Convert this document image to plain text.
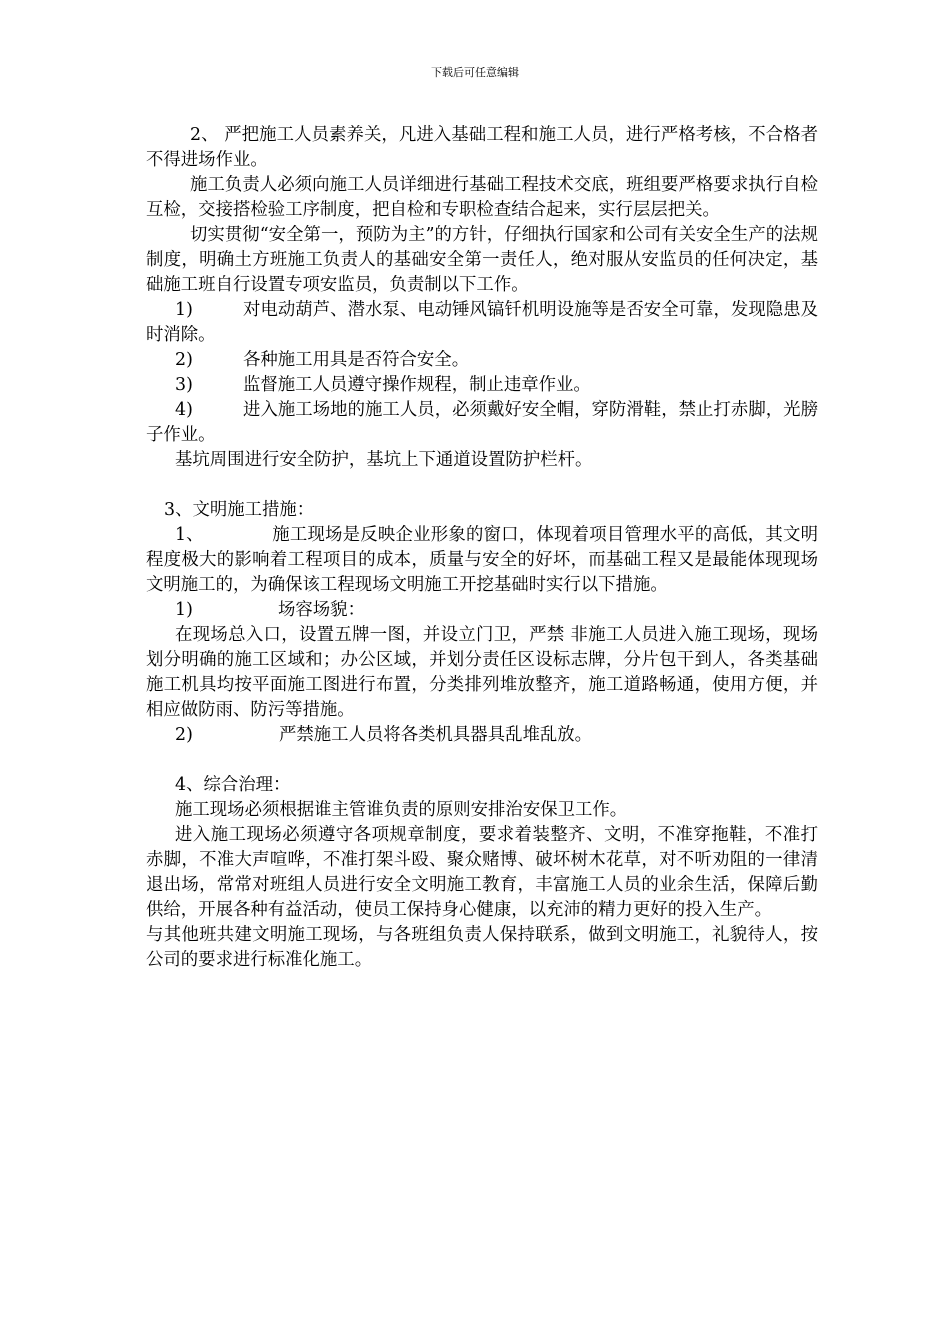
下载后可任意编辑

2、 严把施工人员素养关，凡进入基础工程和施工人员，进行严格考核，不合格者不得进场作业。

施工负责人必须向施工人员详细进行基础工程技术交底，班组要严格要求执行自检互检，交接搭检验工序制度，把自检和专职检查结合起来，实行层层把关。

切实贯彻“安全第一，预防为主”的方针，仔细执行国家和公司有关安全生产的法规制度，明确土方班施工负责人的基础安全第一责任人，绝对服从安监员的任何决定，基础施工班自行设置专项安监员，负责制以下工作。

1)	对电动葫芦、潜水泵、电动锤风镐钎机明设施等是否安全可靠，发现隐患及时消除。

2)	各种施工用具是否符合安全。

3)	监督施工人员遵守操作规程，制止违章作业。

4)	进入施工场地的施工人员，必须戴好安全帽，穿防滑鞋，禁止打赤脚，光膀子作业。

基坑周围进行安全防护，基坑上下通道设置防护栏杆。

3、文明施工措施：

1、	施工现场是反映企业形象的窗口，体现着项目管理水平的高低，其文明程度极大的影响着工程项目的成本，质量与安全的好坏，而基础工程又是最能体现现场文明施工的，为确保该工程现场文明施工开挖基础时实行以下措施。

1)	场容场貌：

在现场总入口，设置五牌一图，并设立门卫，严禁 非施工人员进入施工现场，现场划分明确的施工区域和；办公区域，并划分责任区设标志牌，分片包干到人，各类基础施工机具均按平面施工图进行布置，分类排列堆放整齐，施工道路畅通，使用方便，并相应做防雨、防污等措施。

2)	严禁施工人员将各类机具器具乱堆乱放。

4、综合治理：

施工现场必须根据谁主管谁负责的原则安排治安保卫工作。

进入施工现场必须遵守各项规章制度，要求着装整齐、文明，不准穿拖鞋，不准打赤脚，不准大声喧哗，不准打架斗殴、聚众赌博、破坏树木花草，对不听劝阻的一律清退出场，常常对班组人员进行安全文明施工教育，丰富施工人员的业余生活，保障后勤供给，开展各种有益活动，使员工保持身心健康，以充沛的精力更好的投入生产。

与其他班共建文明施工现场，与各班组负责人保持联系，做到文明施工，礼貌待人，按公司的要求进行标准化施工。
